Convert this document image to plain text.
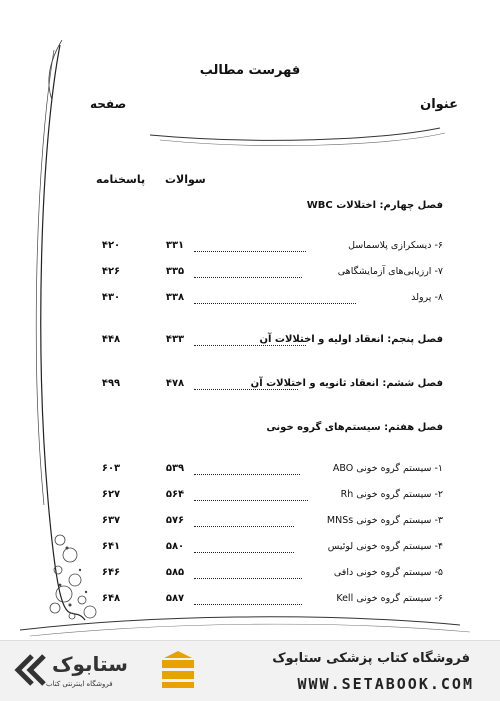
فهرست مطالب
عنوان
صفحه
سوالات
پاسخنامه
فصل چهارم: اختلالات WBC
۶- دیسکرازی پلاسماسل
۳۳۱
۴۲۰
۷- ارزیابی‌های آزمایشگاهی
۳۳۵
۴۲۶
۸- پرولد
۳۳۸
۴۳۰
فصل پنجم: انعقاد اولیه و اختلالات آن
۴۳۳
۴۴۸
فصل ششم: انعقاد ثانویه و اختلالات آن
۴۷۸
۴۹۹
فصل هفتم: سیستم‌های گروه خونی
۱- سیستم گروه خونی ABO
۵۳۹
۶۰۳
۲- سیستم گروه خونی Rh
۵۶۴
۶۲۷
۳- سیستم گروه خونی MNSs
۵۷۶
۶۳۷
۴- سیستم گروه خونی لوئیس
۵۸۰
۶۴۱
۵- سیستم گروه خونی دافی
۵۸۵
۶۴۶
۶- سیستم گروه خونی Kell
۵۸۷
۶۴۸
فروشگاه کتاب پزشکی ستابوک
WWW.SETABOOK.COM
ستابوک
فروشگاه اینترنتی کتاب
